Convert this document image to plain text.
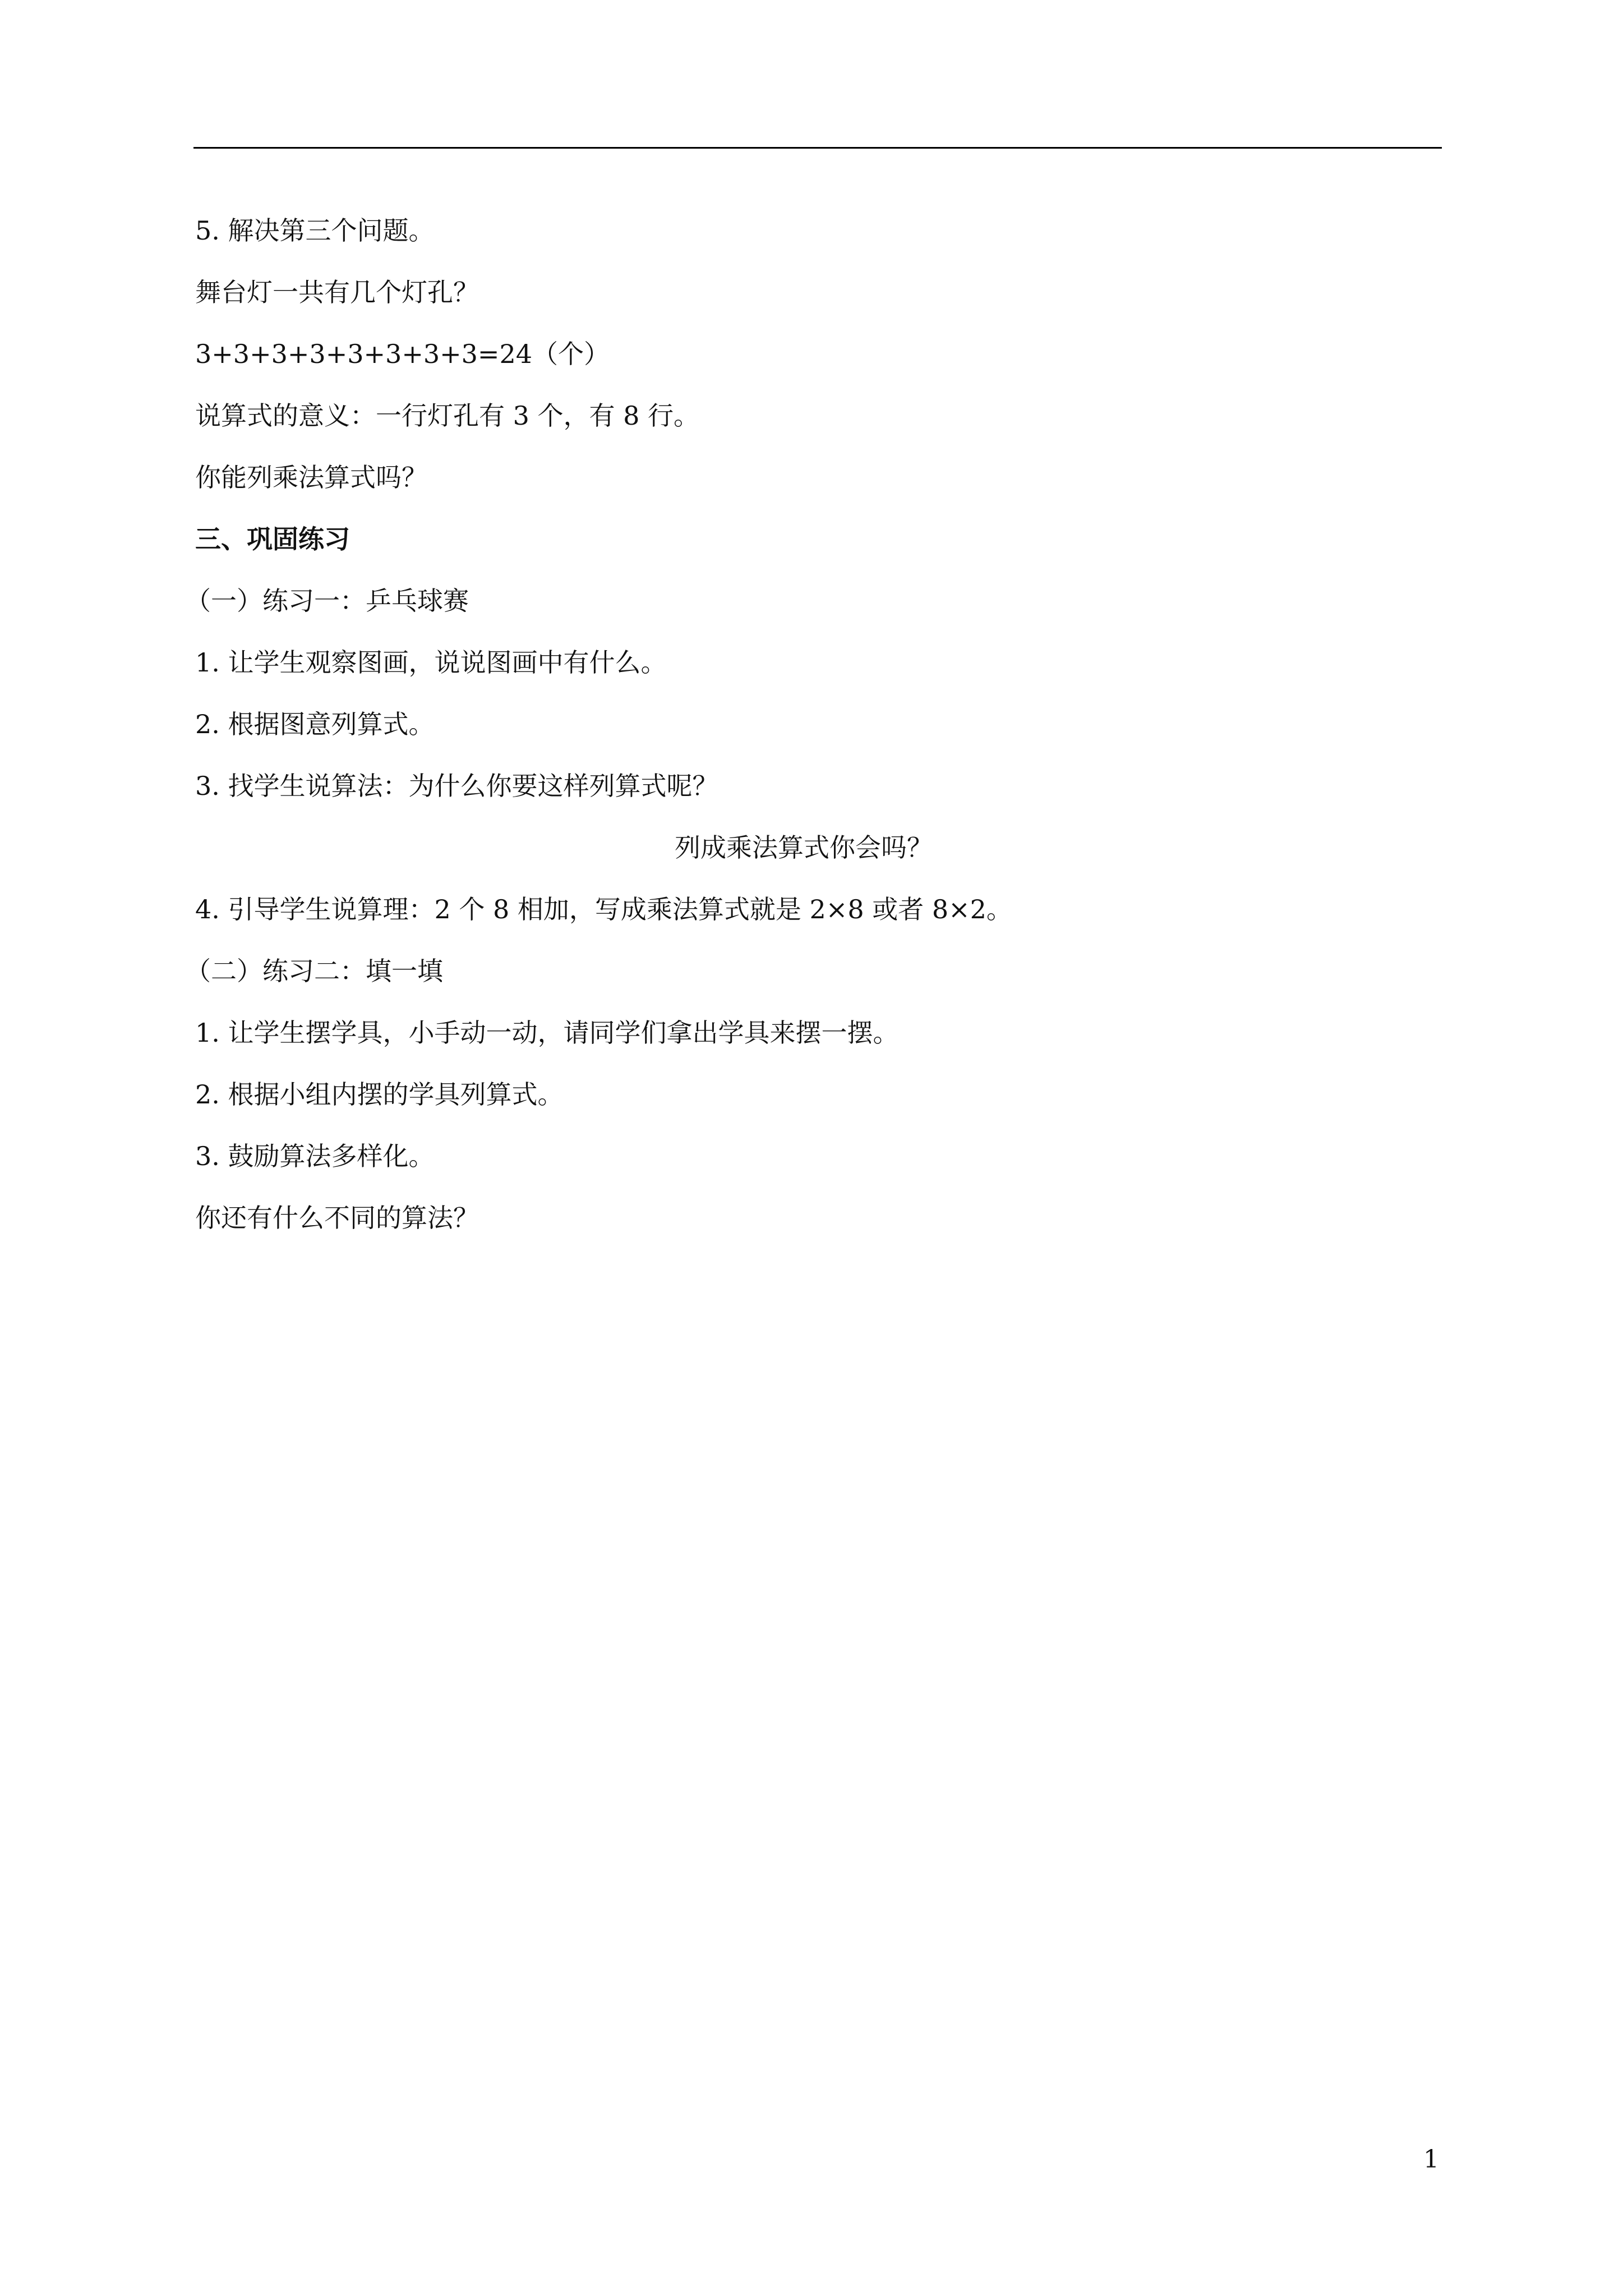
5. 解决第三个问题。
舞台灯一共有几个灯孔？
3+3+3+3+3+3+3+3=24（个）
说算式的意义：一行灯孔有 3 个，有 8 行。
你能列乘法算式吗？
三、巩固练习
（一）练习一：乒乓球赛
1. 让学生观察图画，说说图画中有什么。
2. 根据图意列算式。
3. 找学生说算法：为什么你要这样列算式呢？
列成乘法算式你会吗？
4. 引导学生说算理：2 个 8 相加，写成乘法算式就是 2×8 或者 8×2。
（二）练习二：填一填
1. 让学生摆学具，小手动一动，请同学们拿出学具来摆一摆。
2. 根据小组内摆的学具列算式。
3. 鼓励算法多样化。
你还有什么不同的算法？
1
